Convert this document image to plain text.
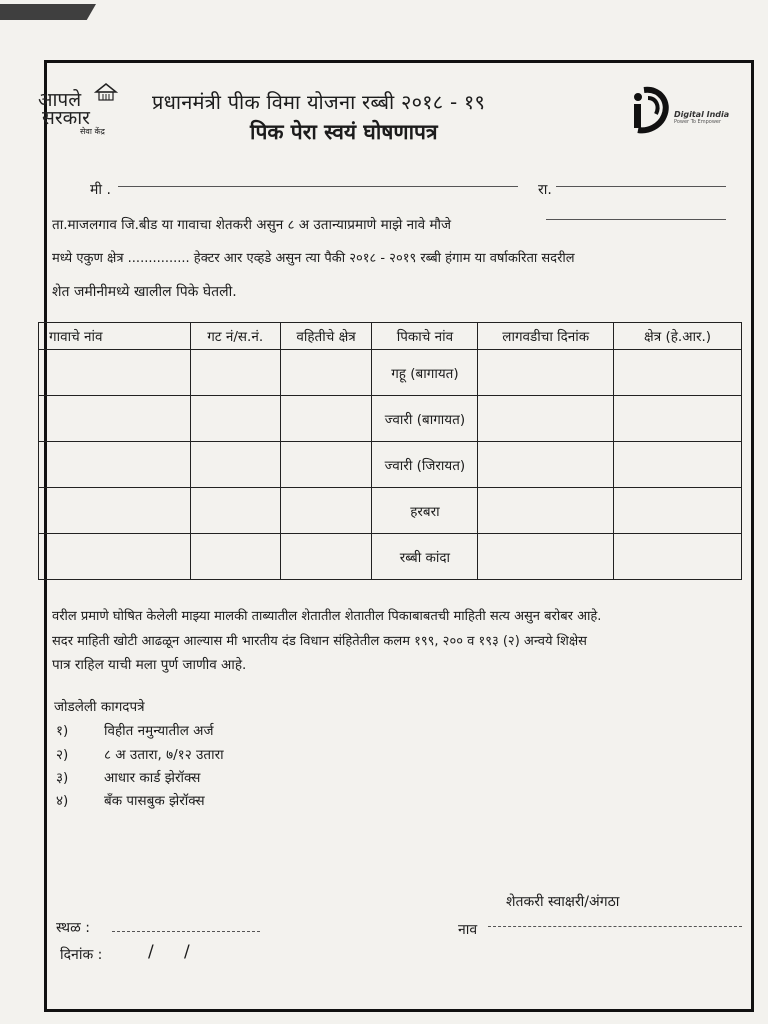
आपले
सरकार
सेवा केंद्र
प्रधानमंत्री पीक विमा योजना रब्बी २०१८ - १९
पिक पेरा स्वयं घोषणापत्र
Digital India
Power To Empower
मी .	रा.
ता.माजलगाव जि.बीड या गावाचा शेतकरी असुन ८ अ उतान्याप्रमाणे माझे नावे मौजे
मध्ये एकुण क्षेत्र ............... हेक्टर आर एव्हडे असुन त्या पैकी २०१८ - २०१९ रब्बी हंगाम या वर्षाकरिता सदरील
शेत जमीनीमध्ये खालील पिके घेतली.
गावाचे नांव	गट नं/स.नं.	वहितीचे क्षेत्र	पिकाचे नांव	लागवडीचा दिनांक	क्षेत्र (हे.आर.)
			गहू (बागायत)		
			ज्वारी (बागायत)		
			ज्वारी (जिरायत)		
			हरबरा		
			रब्बी कांदा		
वरील प्रमाणे घोषित केलेली माझ्या मालकी ताब्यातील शेतातील शेतातील पिकाबाबतची माहिती सत्य असुन बरोबर आहे.
सदर माहिती खोटी आढळून आल्यास मी भारतीय दंड विधान संहितेतील कलम १९९, २०० व १९३ (२) अन्वये शिक्षेस
पात्र राहिल याची मला पुर्ण जाणीव आहे.
जोडलेली कागदपत्रे
१)	विहीत नमुन्यातील अर्ज
२)	८ अ उतारा, ७/१२ उतारा
३)	आधार कार्ड झेरॉक्स
४)	बँक पासबुक झेरॉक्स
शेतकरी स्वाक्षरी/अंगठा
स्थळ :	नाव
दिनांक :	/ /
